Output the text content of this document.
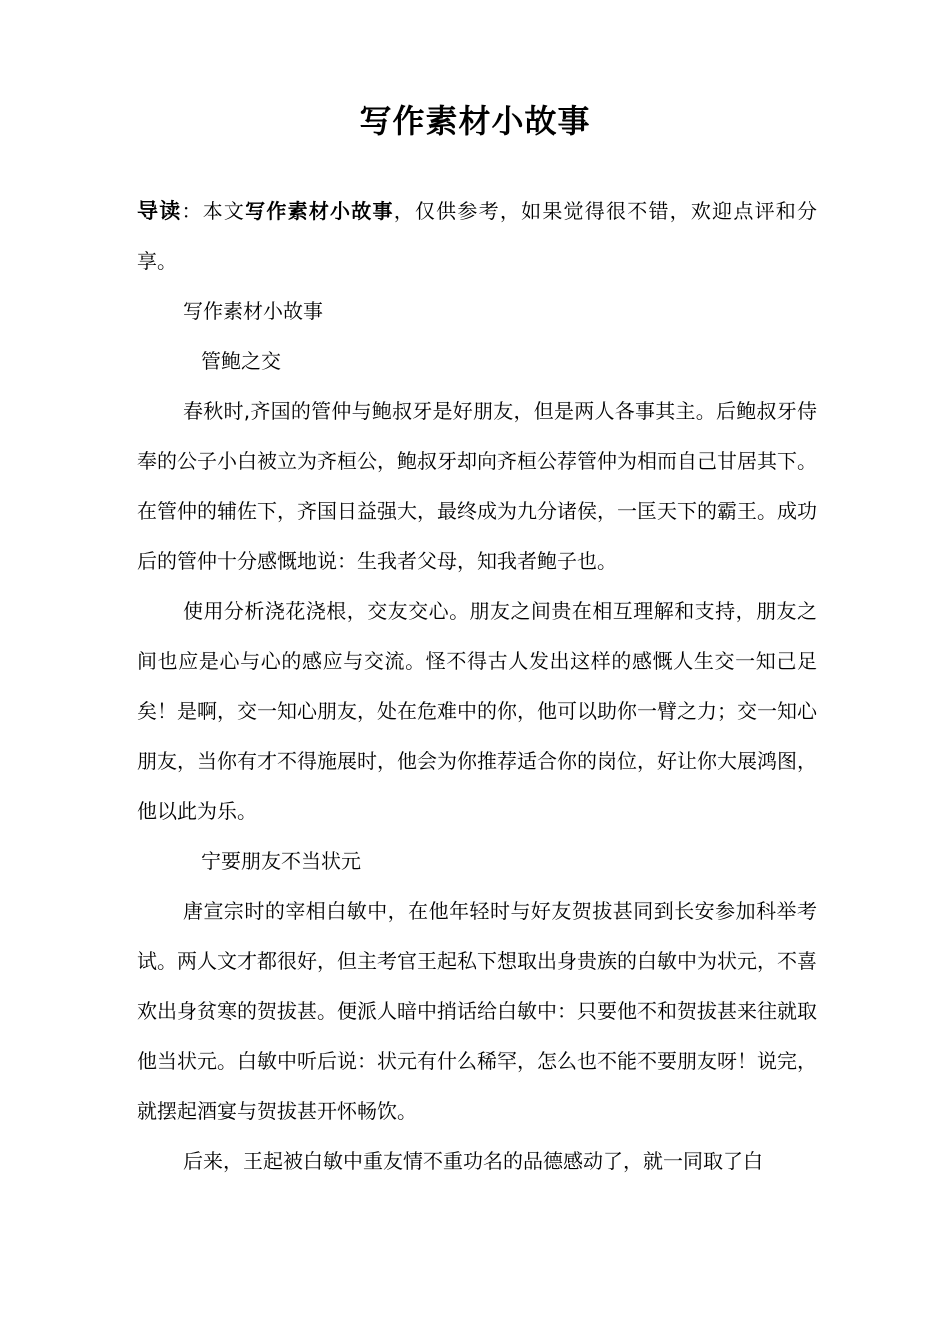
写作素材小故事

导读：本文写作素材小故事，仅供参考，如果觉得很不错，欢迎点评和分享。

写作素材小故事

管鲍之交

春秋时,齐国的管仲与鲍叔牙是好朋友，但是两人各事其主。后鲍叔牙侍奉的公子小白被立为齐桓公，鲍叔牙却向齐桓公荐管仲为相而自己甘居其下。在管仲的辅佐下，齐国日益强大，最终成为九分诸侯，一匡天下的霸王。成功后的管仲十分感慨地说：生我者父母，知我者鲍子也。

使用分析浇花浇根，交友交心。朋友之间贵在相互理解和支持，朋友之间也应是心与心的感应与交流。怪不得古人发出这样的感慨人生交一知己足矣！是啊，交一知心朋友，处在危难中的你，他可以助你一臂之力；交一知心朋友，当你有才不得施展时，他会为你推荐适合你的岗位，好让你大展鸿图，他以此为乐。

宁要朋友不当状元

唐宣宗时的宰相白敏中，在他年轻时与好友贺拔甚同到长安参加科举考试。两人文才都很好，但主考官王起私下想取出身贵族的白敏中为状元，不喜欢出身贫寒的贺拔甚。便派人暗中捎话给白敏中：只要他不和贺拔甚来往就取他当状元。白敏中听后说：状元有什么稀罕，怎么也不能不要朋友呀！说完，就摆起酒宴与贺拔甚开怀畅饮。

后来，王起被白敏中重友情不重功名的品德感动了，就一同取了白
